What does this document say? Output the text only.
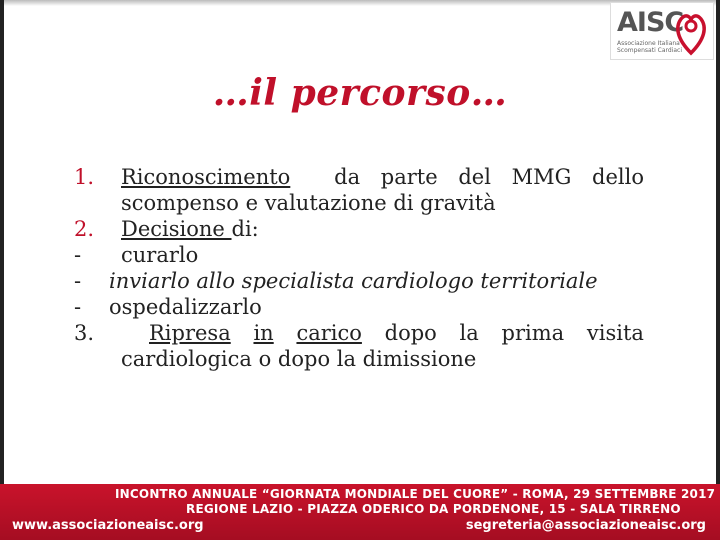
AISC
Associazione Italiana
Scompensati Cardiaci
…il percorso…
1. Riconoscimento da parte del MMG dello
scompenso e valutazione di gravità
2.	Decisione di:
-	curarlo
-	inviarlo allo specialista cardiologo territoriale
-	ospedalizzarlo
3.	Ripresa in carico dopo la prima visita
cardiologica o dopo la dimissione
INCONTRO ANNUALE “GIORNATA MONDIALE DEL CUORE” - ROMA, 29 SETTEMBRE 2017
REGIONE LAZIO - PIAZZA ODERICO DA PORDENONE, 15 - SALA TIRRENO
www.associazioneaisc.org	segreteria@associazioneaisc.org
